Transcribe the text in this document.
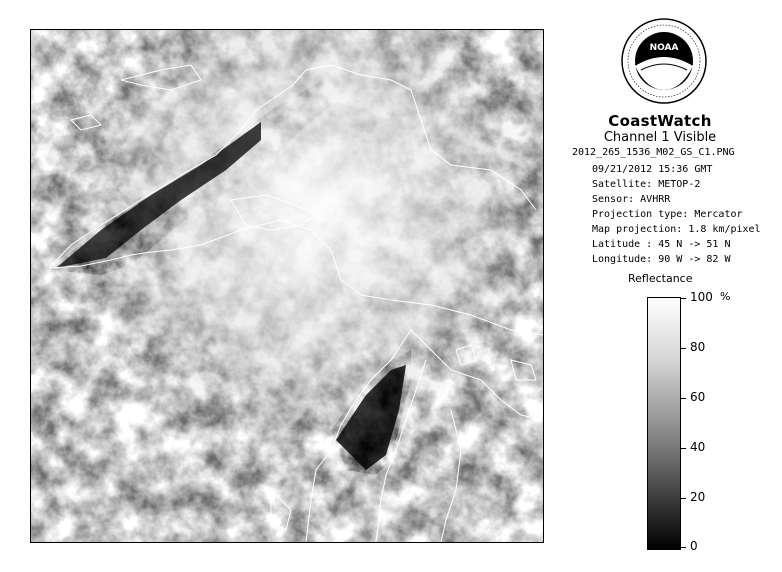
NOAA
CoastWatch
Channel 1 Visible
2012_265_1536_M02_GS_C1.PNG
09/21/2012 15:36 GMT
Satellite: METOP-2
Sensor: AVHRR
Projection type: Mercator
Map projection: 1.8 km/pixel
Latitude : 45 N -> 51 N
Longitude: 90 W -> 82 W
Reflectance
%
100
80
60
40
20
0
